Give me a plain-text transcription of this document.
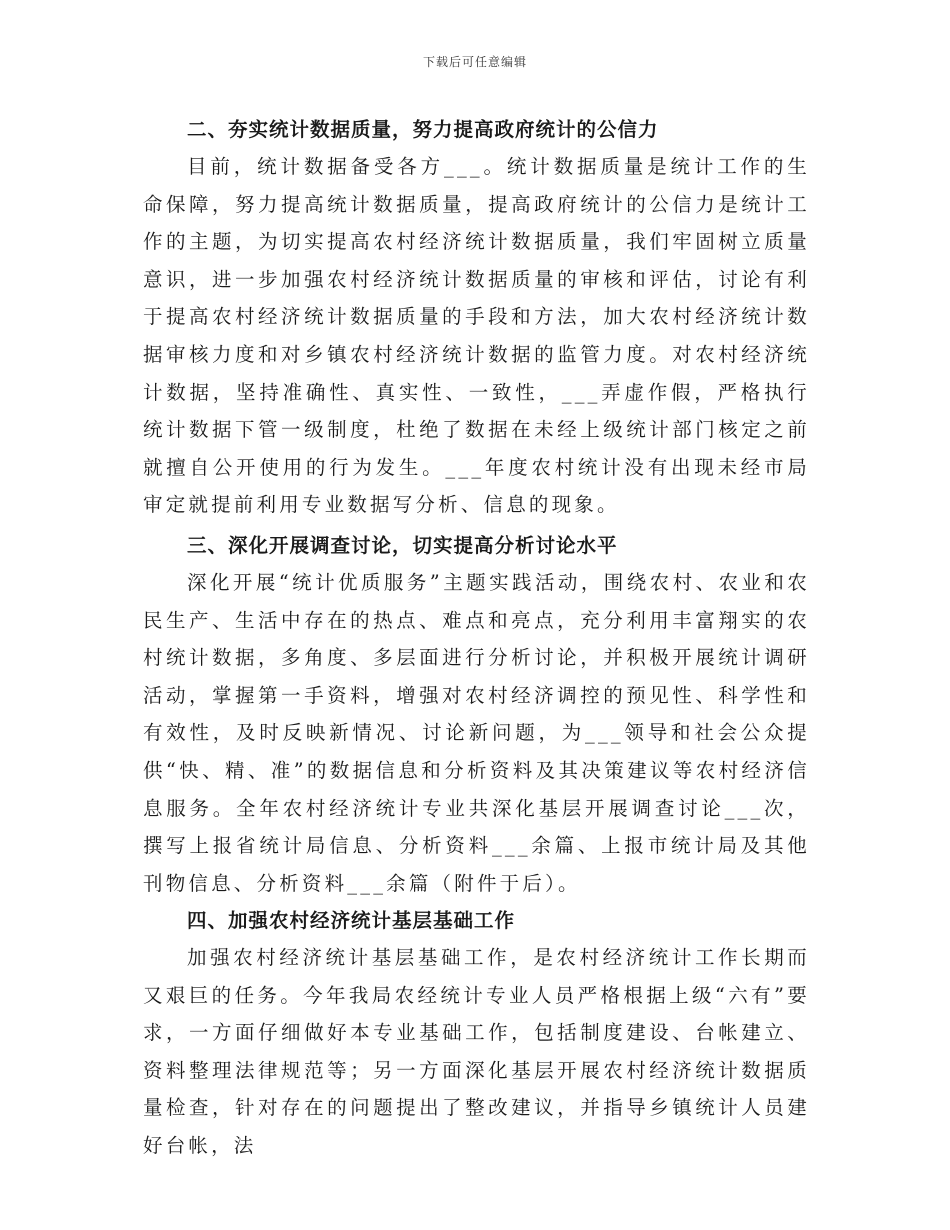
下载后可任意编辑
二、夯实统计数据质量，努力提高政府统计的公信力

目前，统计数据备受各方___。统计数据质量是统计工作的生命保障，努力提高统计数据质量，提高政府统计的公信力是统计工作的主题，为切实提高农村经济统计数据质量，我们牢固树立质量意识，进一步加强农村经济统计数据质量的审核和评估，讨论有利于提高农村经济统计数据质量的手段和方法，加大农村经济统计数据审核力度和对乡镇农村经济统计数据的监管力度。对农村经济统计数据，坚持准确性、真实性、一致性，___弄虚作假，严格执行统计数据下管一级制度，杜绝了数据在未经上级统计部门核定之前就擅自公开使用的行为发生。___年度农村统计没有出现未经市局审定就提前利用专业数据写分析、信息的现象。

三、深化开展调查讨论，切实提高分析讨论水平

深化开展“统计优质服务”主题实践活动，围绕农村、农业和农民生产、生活中存在的热点、难点和亮点，充分利用丰富翔实的农村统计数据，多角度、多层面进行分析讨论，并积极开展统计调研活动，掌握第一手资料，增强对农村经济调控的预见性、科学性和有效性，及时反映新情况、讨论新问题，为___领导和社会公众提供“快、精、准”的数据信息和分析资料及其决策建议等农村经济信息服务。全年农村经济统计专业共深化基层开展调查讨论___次，撰写上报省统计局信息、分析资料___余篇、上报市统计局及其他刊物信息、分析资料___余篇（附件于后）。

四、加强农村经济统计基层基础工作

加强农村经济统计基层基础工作，是农村经济统计工作长期而又艰巨的任务。今年我局农经统计专业人员严格根据上级“六有”要求，一方面仔细做好本专业基础工作，包括制度建设、台帐建立、资料整理法律规范等；另一方面深化基层开展农村经济统计数据质量检查，针对存在的问题提出了整改建议，并指导乡镇统计人员建好台帐，法
